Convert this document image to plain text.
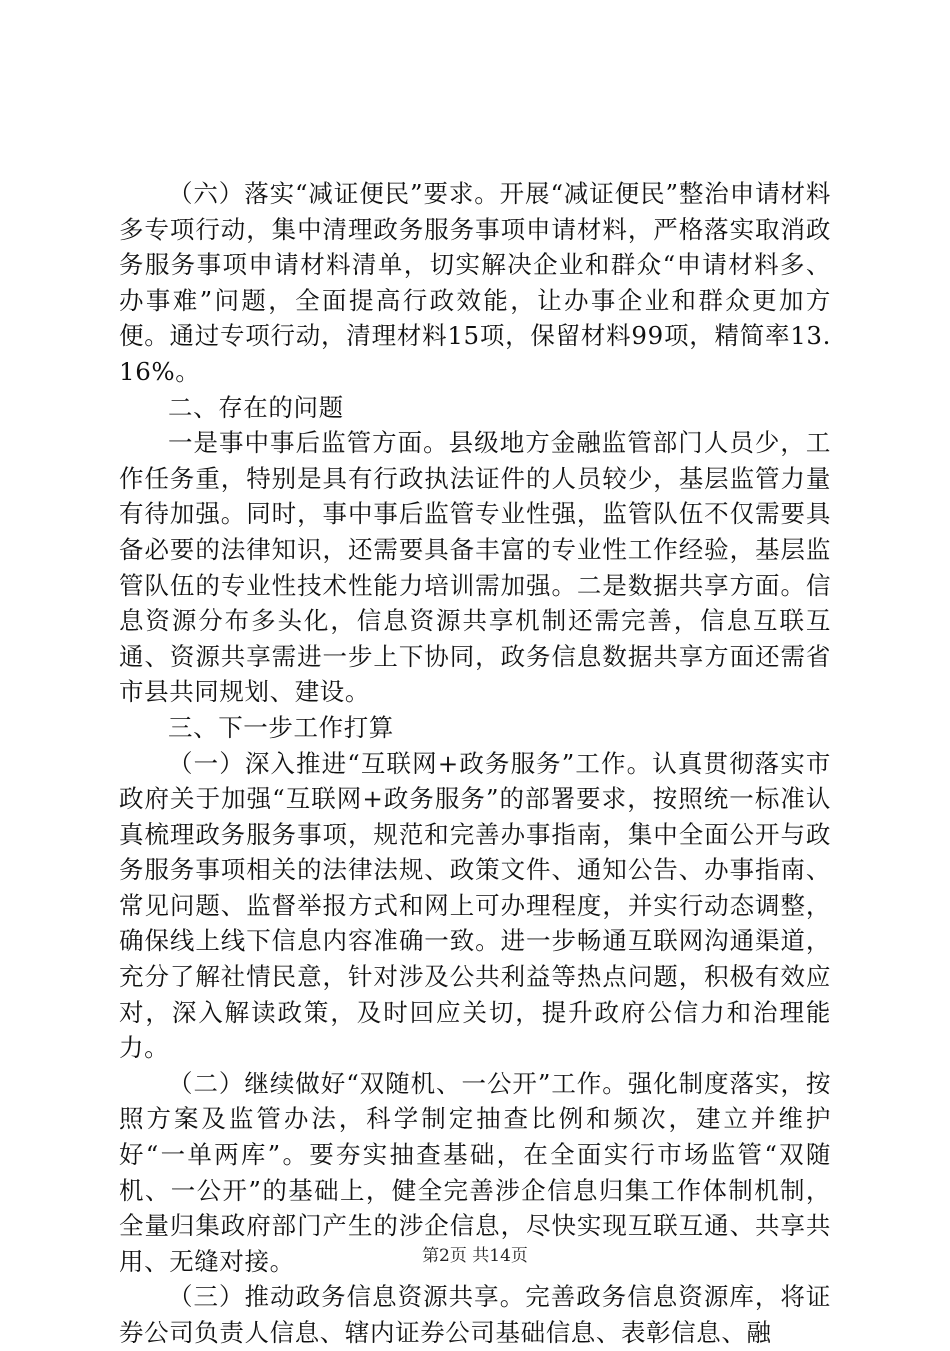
（六）落实“减证便民”要求。开展“减证便民”整治申请材料多专项行动，集中清理政务服务事项申请材料，严格落实取消政务服务事项申请材料清单，切实解决企业和群众“申请材料多、办事难”问题，全面提高行政效能，让办事企业和群众更加方便。通过专项行动，清理材料15项，保留材料99项，精简率13.16%。

二、存在的问题

一是事中事后监管方面。县级地方金融监管部门人员少，工作任务重，特别是具有行政执法证件的人员较少，基层监管力量有待加强。同时，事中事后监管专业性强，监管队伍不仅需要具备必要的法律知识，还需要具备丰富的专业性工作经验，基层监管队伍的专业性技术性能力培训需加强。二是数据共享方面。信息资源分布多头化，信息资源共享机制还需完善，信息互联互通、资源共享需进一步上下协同，政务信息数据共享方面还需省市县共同规划、建设。

三、下一步工作打算

（一）深入推进“互联网+政务服务”工作。认真贯彻落实市政府关于加强“互联网+政务服务”的部署要求，按照统一标准认真梳理政务服务事项，规范和完善办事指南，集中全面公开与政务服务事项相关的法律法规、政策文件、通知公告、办事指南、常见问题、监督举报方式和网上可办理程度，并实行动态调整，确保线上线下信息内容准确一致。进一步畅通互联网沟通渠道，充分了解社情民意，针对涉及公共利益等热点问题，积极有效应对，深入解读政策，及时回应关切，提升政府公信力和治理能力。

（二）继续做好“双随机、一公开”工作。强化制度落实，按照方案及监管办法，科学制定抽查比例和频次，建立并维护好“一单两库”。要夯实抽查基础，在全面实行市场监管“双随机、一公开”的基础上，健全完善涉企信息归集工作体制机制，全量归集政府部门产生的涉企信息，尽快实现互联互通、共享共用、无缝对接。

（三）推动政务信息资源共享。完善政务信息资源库，将证券公司负责人信息、辖内证券公司基础信息、表彰信息、融

第2页 共14页
